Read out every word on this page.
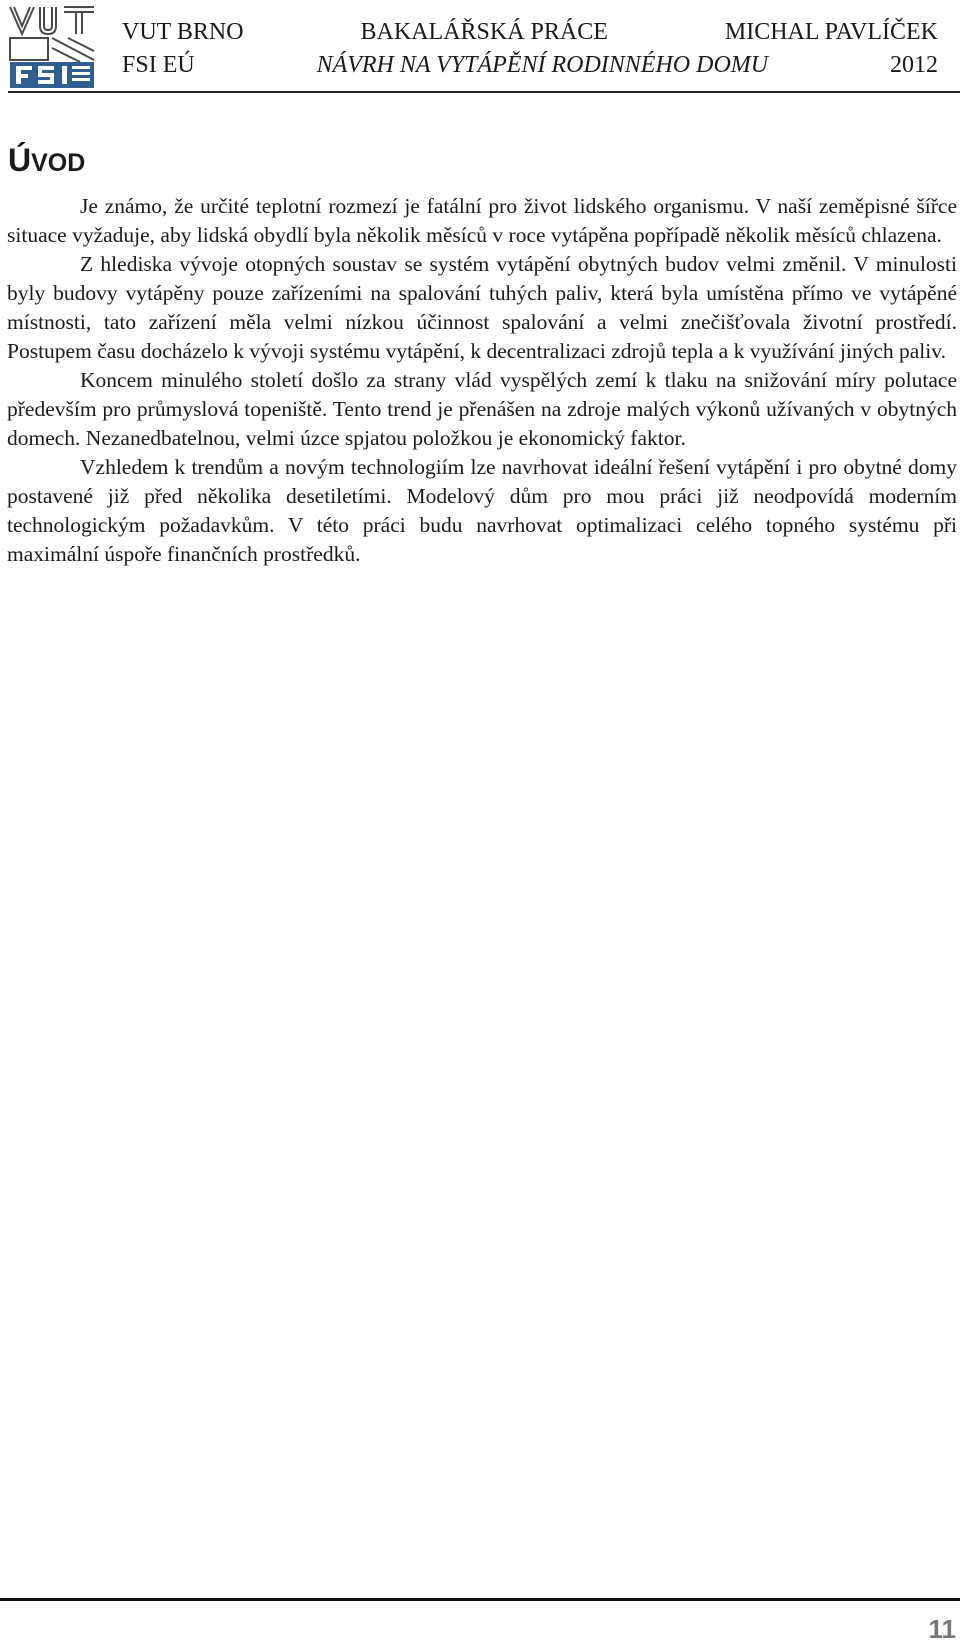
VUT BRNO	BAKALÁŘSKÁ PRÁCE	MICHAL PAVLÍČEK
FSI EÚ	NÁVRH NA VYTÁPĚNÍ RODINNÉHO DOMU	2012
ÚVOD

Je známo, že určité teplotní rozmezí je fatální pro život lidského organismu. V naší zeměpisné šířce situace vyžaduje, aby lidská obydlí byla několik měsíců v roce vytápěna popřípadě několik měsíců chlazena.

Z hlediska vývoje otopných soustav se systém vytápění obytných budov velmi změnil. V minulosti byly budovy vytápěny pouze zařízeními na spalování tuhých paliv, která byla umístěna přímo ve vytápěné místnosti, tato zařízení měla velmi nízkou účinnost spalování a velmi znečišťovala životní prostředí. Postupem času docházelo k vývoji systému vytápění, k decentralizaci zdrojů tepla a k využívání jiných paliv.

Koncem minulého století došlo za strany vlád vyspělých zemí k tlaku na snižování míry polutace především pro průmyslová topeniště. Tento trend je přenášen na zdroje malých výkonů užívaných v obytných domech. Nezanedbatelnou, velmi úzce spjatou položkou je ekonomický faktor.

Vzhledem k trendům a novým technologiím lze navrhovat ideální řešení vytápění i pro obytné domy postavené již před několika desetiletími. Modelový dům pro mou práci již neodpovídá moderním technologickým požadavkům. V této práci budu navrhovat optimalizaci celého topného systému při maximální úspoře finančních prostředků.

11
